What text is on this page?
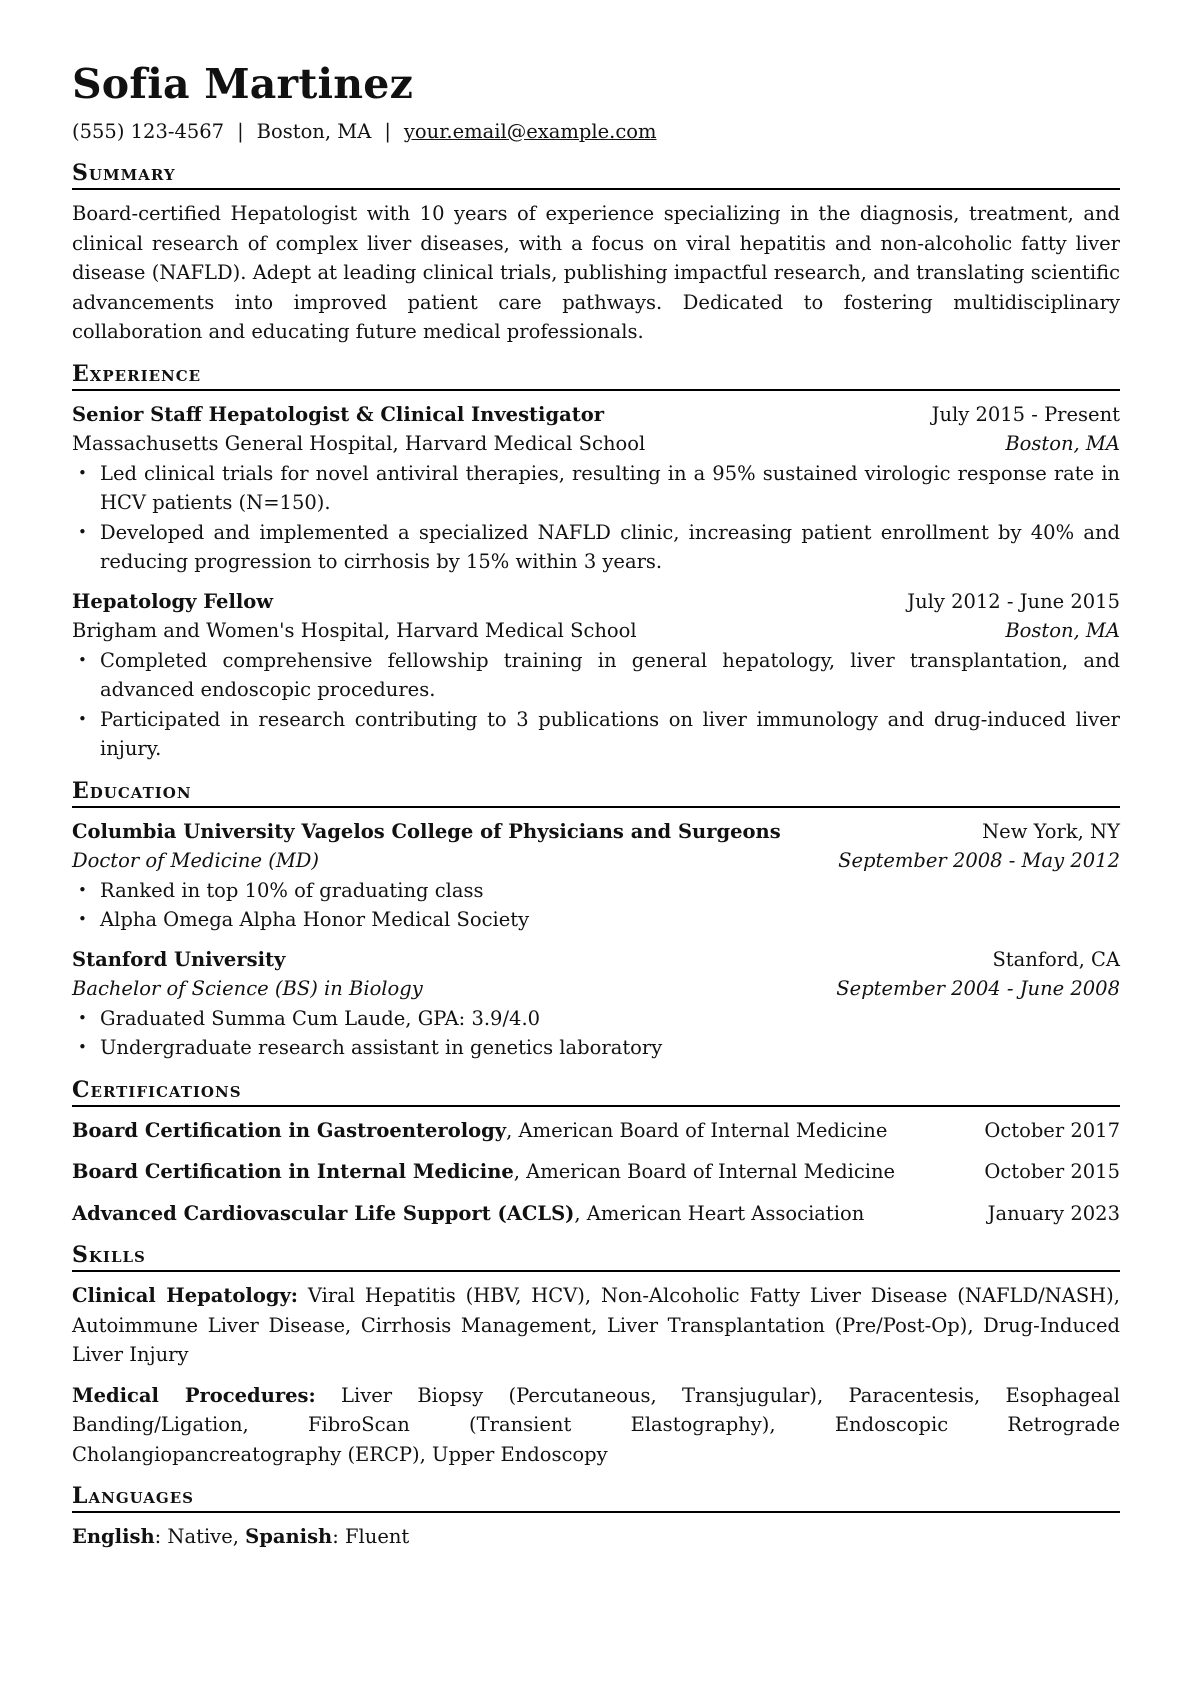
Sofia Martinez
(555) 123-4567 | Boston, MA | your.email@example.com
Summary
Board-certified Hepatologist with 10 years of experience specializing in the diagnosis, treatment, and clinical research of complex liver diseases, with a focus on viral hepatitis and non-alcoholic fatty liver disease (NAFLD). Adept at leading clinical trials, publishing impactful research, and translating scientific advancements into improved patient care pathways. Dedicated to fostering multidisciplinary collaboration and educating future medical professionals.
Experience
Senior Staff Hepatologist & Clinical Investigator	July 2015 - Present
Massachusetts General Hospital, Harvard Medical School	Boston, MA
• Led clinical trials for novel antiviral therapies, resulting in a 95% sustained virologic response rate in HCV patients (N=150).
• Developed and implemented a specialized NAFLD clinic, increasing patient enrollment by 40% and reducing progression to cirrhosis by 15% within 3 years.
Hepatology Fellow	July 2012 - June 2015
Brigham and Women's Hospital, Harvard Medical School	Boston, MA
• Completed comprehensive fellowship training in general hepatology, liver transplantation, and advanced endoscopic procedures.
• Participated in research contributing to 3 publications on liver immunology and drug-induced liver injury.
Education
Columbia University Vagelos College of Physicians and Surgeons	New York, NY
Doctor of Medicine (MD)	September 2008 - May 2012
• Ranked in top 10% of graduating class
• Alpha Omega Alpha Honor Medical Society
Stanford University	Stanford, CA
Bachelor of Science (BS) in Biology	September 2004 - June 2008
• Graduated Summa Cum Laude, GPA: 3.9/4.0
• Undergraduate research assistant in genetics laboratory
Certifications
Board Certification in Gastroenterology, American Board of Internal Medicine	October 2017
Board Certification in Internal Medicine, American Board of Internal Medicine	October 2015
Advanced Cardiovascular Life Support (ACLS), American Heart Association	January 2023
Skills
Clinical Hepatology: Viral Hepatitis (HBV, HCV), Non-Alcoholic Fatty Liver Disease (NAFLD/NASH), Autoimmune Liver Disease, Cirrhosis Management, Liver Transplantation (Pre/Post-Op), Drug-Induced Liver Injury
Medical Procedures: Liver Biopsy (Percutaneous, Transjugular), Paracentesis, Esophageal Banding/Ligation, FibroScan (Transient Elastography), Endoscopic Retrograde Cholangiopancreatography (ERCP), Upper Endoscopy
Languages
English: Native, Spanish: Fluent
